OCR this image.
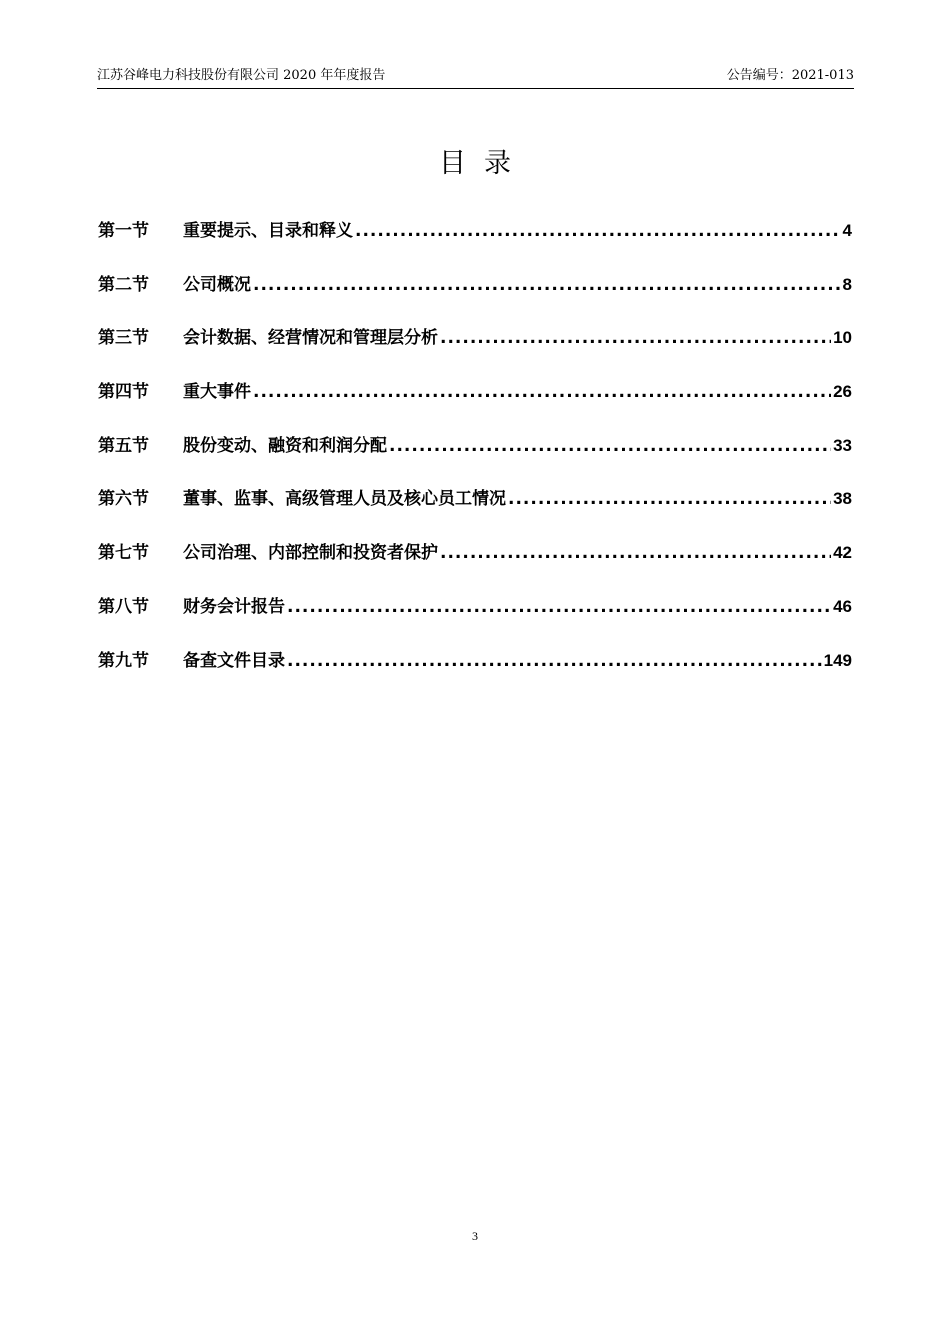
江苏谷峰电力科技股份有限公司 2020 年年度报告	公告编号：2021-013
目录
第一节	重要提示、目录和释义 .....	4
第二节	公司概况 .....	8
第三节	会计数据、经营情况和管理层分析 .....	10
第四节	重大事件 .....	26
第五节	股份变动、融资和利润分配 .....	33
第六节	董事、监事、高级管理人员及核心员工情况 .....	38
第七节	公司治理、内部控制和投资者保护 .....	42
第八节	财务会计报告 .....	46
第九节	备查文件目录 .....	149
3
